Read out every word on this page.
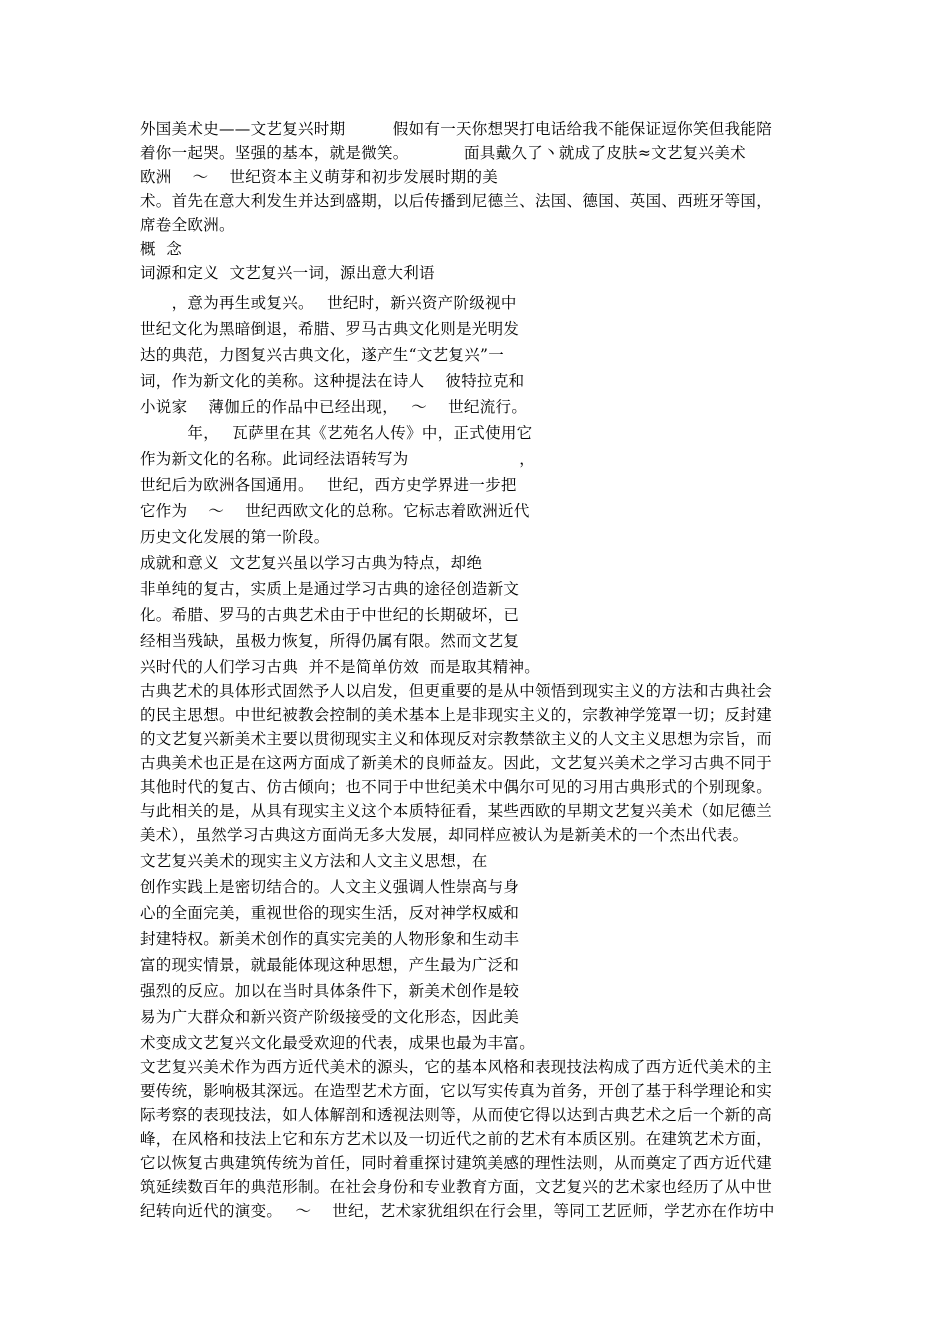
外国美术史——文艺复兴时期　　　假如有一天你想哭打电话给我不能保证逗你笑但我能陪

着你一起哭。坚强的基本，就是微笑。　　　　面具戴久了丶就成了皮肤≈文艺复兴美术

欧洲　 ～　 世纪资本主义萌芽和初步发展时期的美

术。首先在意大利发生并达到盛期，以后传播到尼德兰、法国、德国、英国、西班牙等国，

席卷全欧洲。

概  念

词源和定义  文艺复兴一词，源出意大利语

　　，意为再生或复兴。　 世纪时，新兴资产阶级视中

世纪文化为黑暗倒退，希腊、罗马古典文化则是光明发

达的典范，力图复兴古典文化，遂产生“文艺复兴”一

词，作为新文化的美称。这种提法在诗人　 彼特拉克和

小说家　 薄伽丘的作品中已经出现，　 ～　 世纪流行。

　　　年，　 瓦萨里在其《艺苑名人传》中，正式使用它

作为新文化的名称。此词经法语转写为　　　　　　　，

世纪后为欧洲各国通用。　 世纪，西方史学界进一步把

它作为　 ～　 世纪西欧文化的总称。它标志着欧洲近代

历史文化发展的第一阶段。

成就和意义  文艺复兴虽以学习古典为特点，却绝

非单纯的复古，实质上是通过学习古典的途径创造新文

化。希腊、罗马的古典艺术由于中世纪的长期破坏，已

经相当残缺，虽极力恢复，所得仍属有限。然而文艺复

兴时代的人们学习古典  并不是简单仿效  而是取其精神。

古典艺术的具体形式固然予人以启发，但更重要的是从中领悟到现实主义的方法和古典社会

的民主思想。中世纪被教会控制的美术基本上是非现实主义的，宗教神学笼罩一切；反封建

的文艺复兴新美术主要以贯彻现实主义和体现反对宗教禁欲主义的人文主义思想为宗旨，而

古典美术也正是在这两方面成了新美术的良师益友。因此，文艺复兴美术之学习古典不同于

其他时代的复古、仿古倾向；也不同于中世纪美术中偶尔可见的习用古典形式的个别现象。

与此相关的是，从具有现实主义这个本质特征看，某些西欧的早期文艺复兴美术（如尼德兰

美术），虽然学习古典这方面尚无多大发展，却同样应被认为是新美术的一个杰出代表。

文艺复兴美术的现实主义方法和人文主义思想，在

创作实践上是密切结合的。人文主义强调人性崇高与身

心的全面完美，重视世俗的现实生活，反对神学权威和

封建特权。新美术创作的真实完美的人物形象和生动丰

富的现实情景，就最能体现这种思想，产生最为广泛和

强烈的反应。加以在当时具体条件下，新美术创作是较

易为广大群众和新兴资产阶级接受的文化形态，因此美

术变成文艺复兴文化最受欢迎的代表，成果也最为丰富。

文艺复兴美术作为西方近代美术的源头，它的基本风格和表现技法构成了西方近代美术的主

要传统，影响极其深远。在造型艺术方面，它以写实传真为首务，开创了基于科学理论和实

际考察的表现技法，如人体解剖和透视法则等，从而使它得以达到古典艺术之后一个新的高

峰，在风格和技法上它和东方艺术以及一切近代之前的艺术有本质区别。在建筑艺术方面，

它以恢复古典建筑传统为首任，同时着重探讨建筑美感的理性法则，从而奠定了西方近代建

筑延续数百年的典范形制。在社会身份和专业教育方面，文艺复兴的艺术家也经历了从中世

纪转向近代的演变。　 ～　 世纪，艺术家犹组织在行会里，等同工艺匠师，学艺亦在作坊中
